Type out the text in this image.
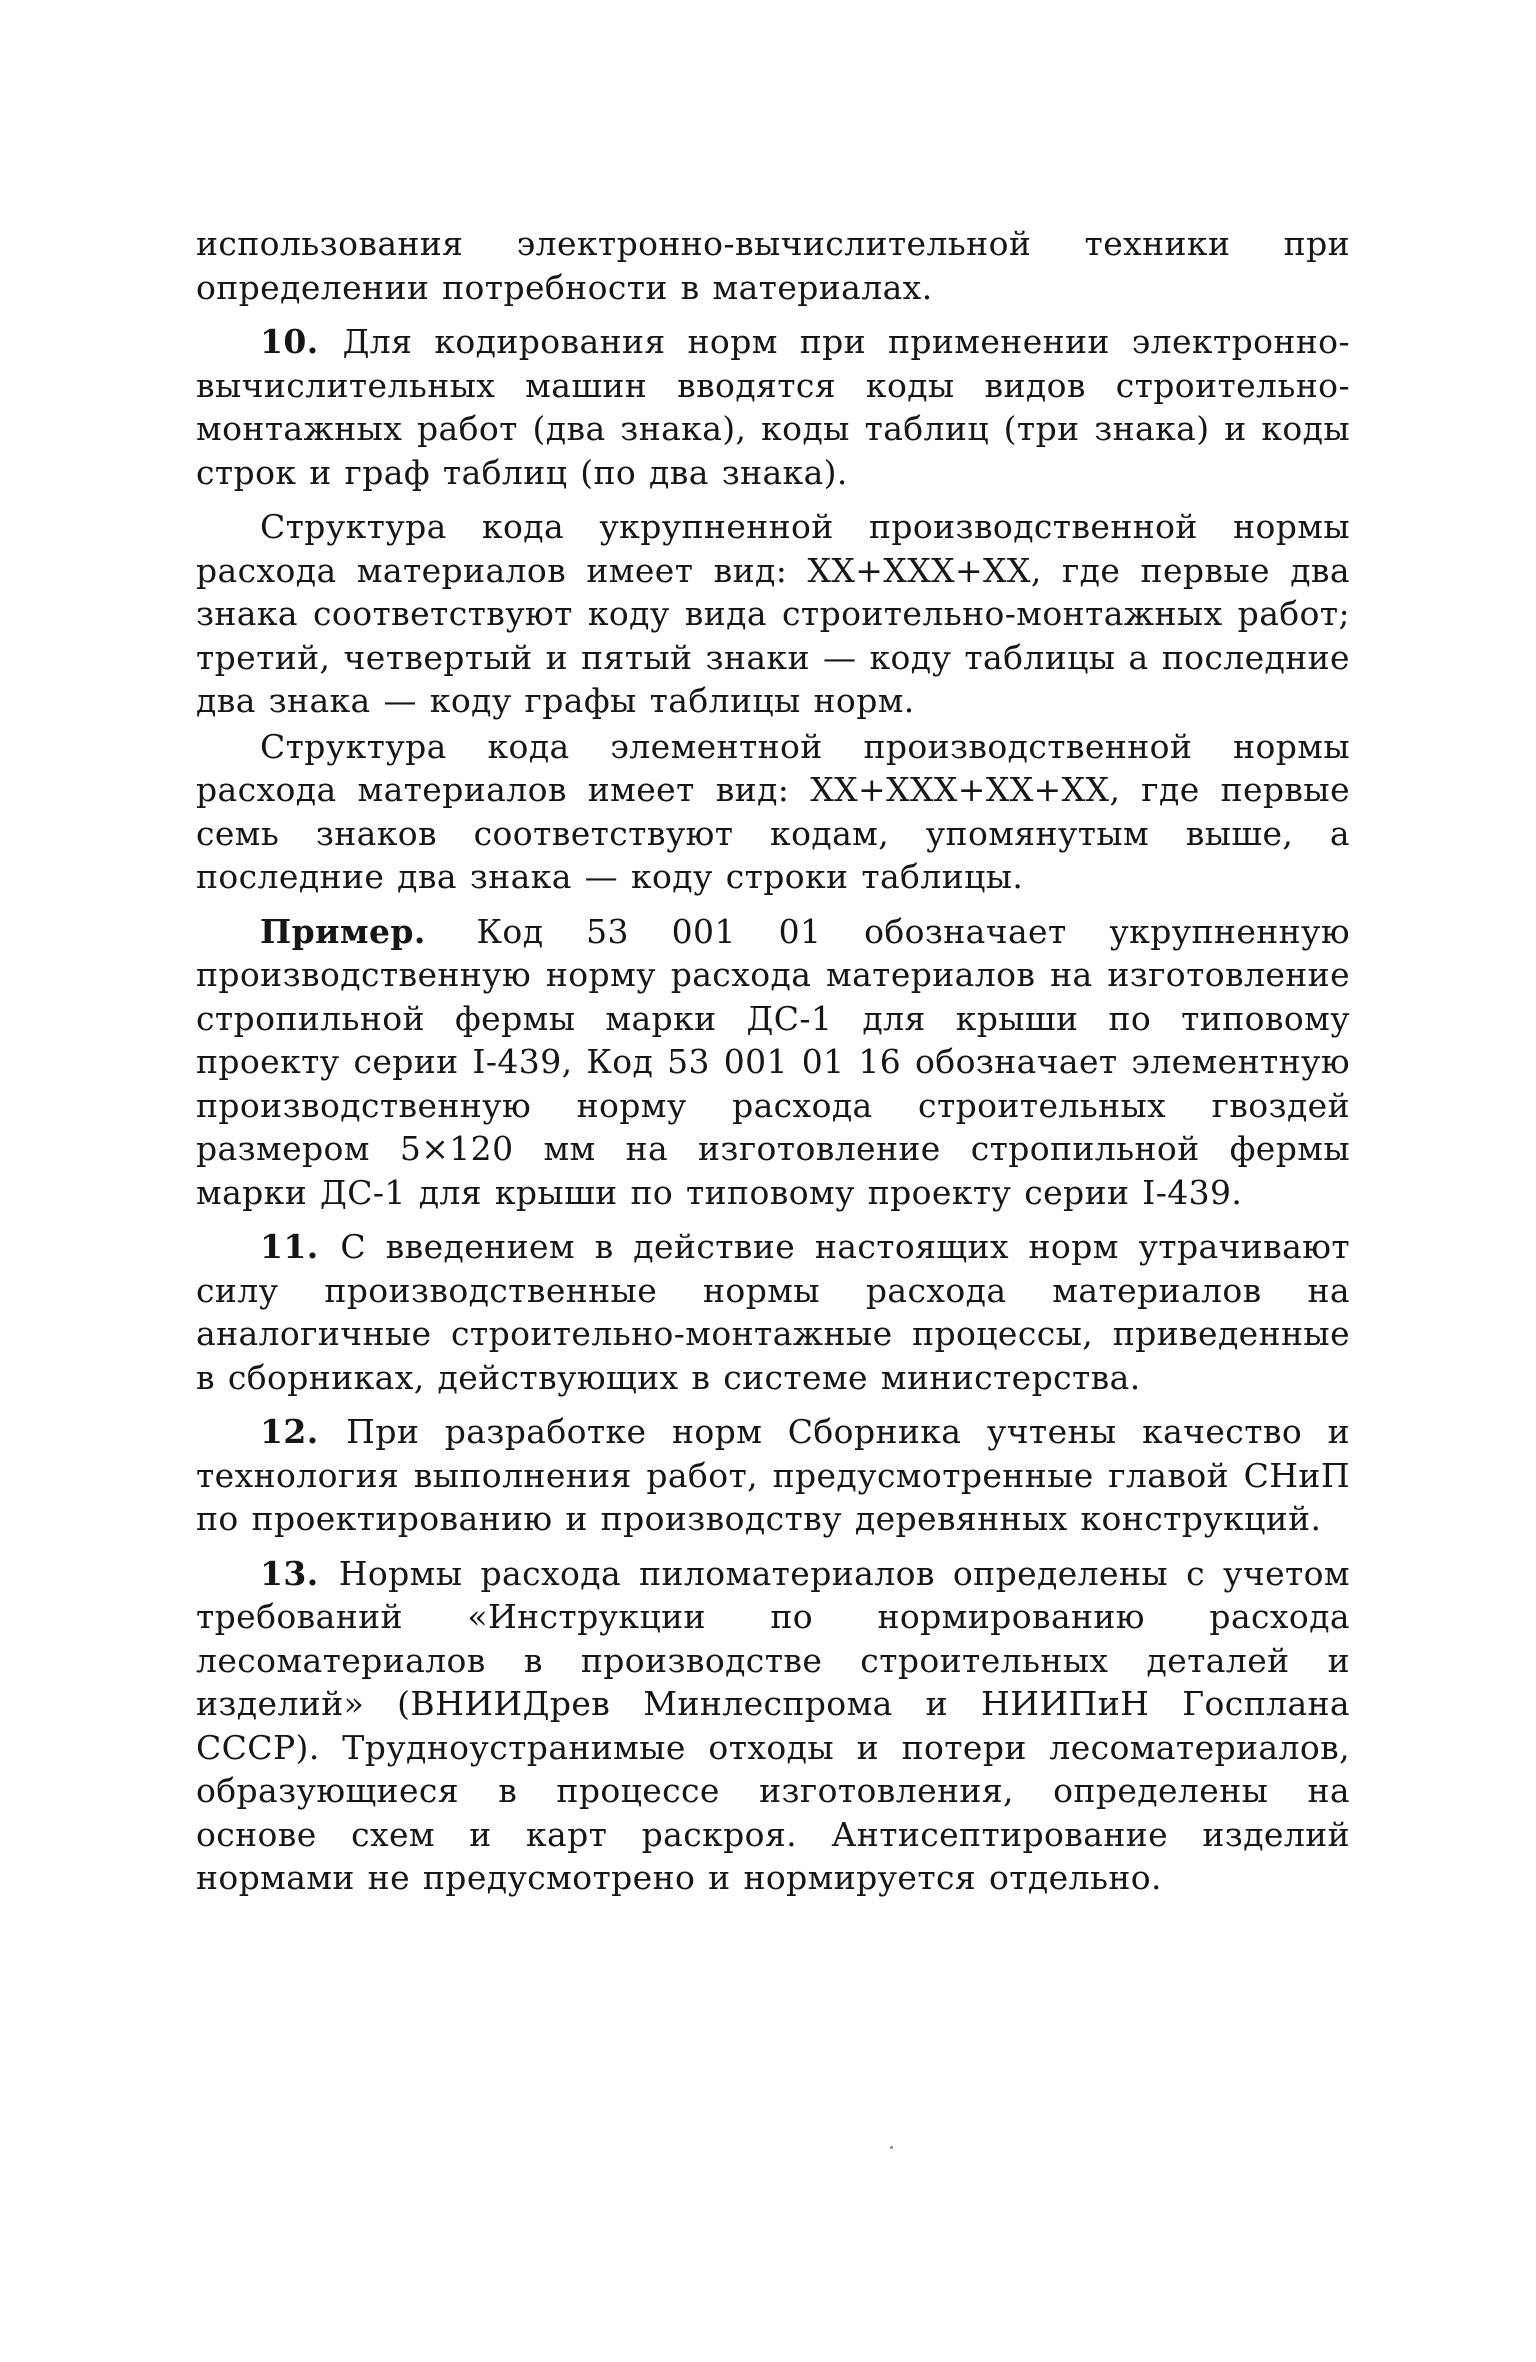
использования электронно-вычислительной техники при определении потребности в материалах.

10. Для кодирования норм при применении электронно-вычислительных машин вводятся коды видов строительно-монтажных работ (два знака), коды таблиц (три знака) и коды строк и граф таблиц (по два знака).

Структура кода укрупненной производственной нормы расхода материалов имеет вид: XX+XXX+XX, где первые два знака соответствуют коду вида строительно-монтажных работ; третий, четвертый и пятый знаки — коду таблицы а последние два знака — коду графы таблицы норм.

Структура кода элементной производственной нормы расхода материалов имеет вид: XX+XXX+XX+XX, где первые семь знаков соответствуют кодам, упомянутым выше, а последние два знака — коду строки таблицы.

Пример. Код 53 001 01 обозначает укрупненную производственную норму расхода материалов на изготовление стропильной фермы марки ДС-1 для крыши по типовому проекту серии І-439, Код 53 001 01 16 обозначает элементную производственную норму расхода строительных гвоздей размером 5×120 мм на изготовление стропильной фермы марки ДС-1 для крыши по типовому проекту серии І-439.

11. С введением в действие настоящих норм утрачивают силу производственные нормы расхода материалов на аналогичные строительно-монтажные процессы, приведенные в сборниках, действующих в системе министерства.

12. При разработке норм Сборника учтены качество и технология выполнения работ, предусмотренные главой СНиП по проектированию и производству деревянных конструкций.

13. Нормы расхода пиломатериалов определены с учетом требований «Инструкции по нормированию расхода лесоматериалов в производстве строительных деталей и изделий» (ВНИИДрев Минлеспрома и НИИПиН Госплана СССР). Трудноустранимые отходы и потери лесоматериалов, образующиеся в процессе изготовления, определены на основе схем и карт раскроя. Антисептирование изделий нормами не предусмотрено и нормируется отдельно.
